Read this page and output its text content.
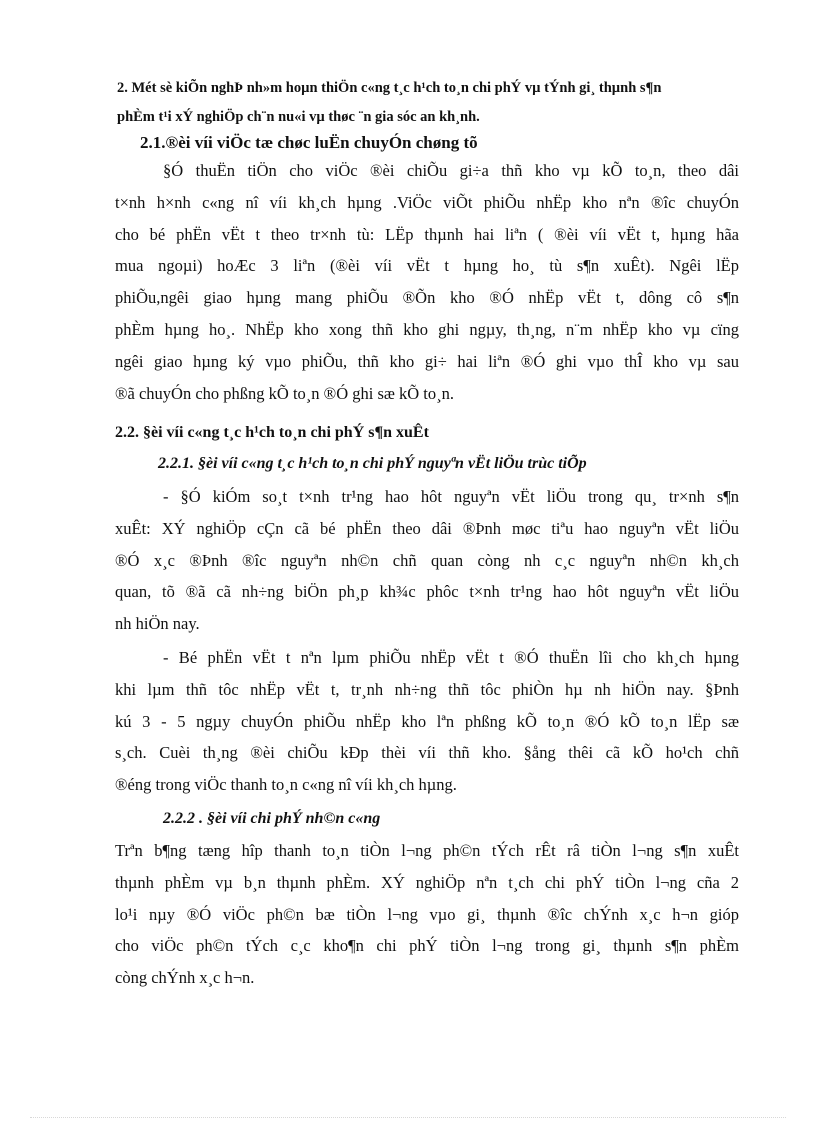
2. Mét sè kiÕn nghÞ nh»m hoµn thiÖn c«ng t¸c h¹ch to¸n chi phÝ vµ tÝnh gi¸ thµnh s¶n
phÈm t¹i xÝ nghiÖp ch¨n nu«i vµ thøc ¨n gia sóc an kh¸nh.
2.1.®èi víi viÖc tæ chøc luËn chuyÓn chøng tõ
§Ó thuËn tiÖn cho viÖc ®èi chiÕu gi÷a thñ kho vµ kÕ to¸n, theo dâi
t×nh h×nh c«ng nî víi kh¸ch hµng .ViÖc viÕt phiÕu nhËp kho nªn ®îc chuyÓn
cho bé phËn vËt t theo tr×nh tù: LËp thµnh hai liªn ( ®èi víi vËt t, hµng hãa
mua ngoµi) hoÆc 3 liªn (®èi víi vËt t hµng ho¸ tù s¶n xuÊt). Ngêi lËp
phiÕu,ngêi giao hµng mang phiÕu ®Õn kho ®Ó nhËp vËt t, dông cô s¶n
phÈm hµng ho¸. NhËp kho xong thñ kho ghi ngµy, th¸ng, n¨m nhËp kho vµ cïng
ngêi giao hµng ký vµo phiÕu, thñ kho gi÷ hai liªn ®Ó ghi vµo thÎ kho vµ sau
®ã chuyÓn cho phßng kÕ to¸n ®Ó ghi sæ kÕ to¸n.
2.2. §èi víi c«ng t¸c h¹ch to¸n chi phÝ s¶n xuÊt
2.2.1. §èi víi c«ng t¸c h¹ch to¸n chi phÝ nguyªn vËt liÖu trùc tiÕp
- §Ó kiÓm so¸t t×nh tr¹ng hao hôt nguyªn vËt liÖu trong qu¸ tr×nh s¶n
xuÊt: XÝ nghiÖp cÇn cã bé phËn theo dâi ®Þnh møc tiªu hao nguyªn vËt liÖu
®Ó x¸c ®Þnh ®îc nguyªn nh©n chñ quan còng nh c¸c nguyªn nh©n kh¸ch
quan, tõ ®ã cã nh÷ng biÖn ph¸p kh¾c phôc t×nh tr¹ng hao hôt nguyªn vËt liÖu
nh hiÖn nay.
- Bé phËn vËt t nªn lµm phiÕu nhËp vËt t ®Ó thuËn lîi cho kh¸ch hµng
khi lµm thñ tôc nhËp vËt t, tr¸nh nh÷ng thñ tôc phiÒn hµ nh hiÖn nay. §Þnh
kú 3 - 5 ngµy chuyÓn phiÕu nhËp kho lªn phßng kÕ to¸n ®Ó kÕ to¸n lËp sæ
s¸ch. Cuèi th¸ng ®èi chiÕu kÐp thèi víi thñ kho. §ång thêi cã kÕ ho¹ch chñ
®éng trong viÖc thanh to¸n c«ng nî víi kh¸ch hµng.
2.2.2 . §èi víi chi phÝ nh©n c«ng
Trªn b¶ng tæng hîp thanh to¸n tiÒn l¬ng ph©n tÝch rÊt râ tiÒn l¬ng s¶n xuÊt
thµnh phÈm vµ b¸n thµnh phÈm. XÝ nghiÖp nªn t¸ch chi phÝ tiÒn l¬ng cña 2
lo¹i nµy ®Ó viÖc ph©n bæ tiÒn l¬ng vµo gi¸ thµnh ®îc chÝnh x¸c h¬n gióp
cho viÖc ph©n tÝch c¸c kho¶n chi phÝ tiÒn l¬ng trong gi¸ thµnh s¶n phÈm
còng chÝnh x¸c h¬n.
